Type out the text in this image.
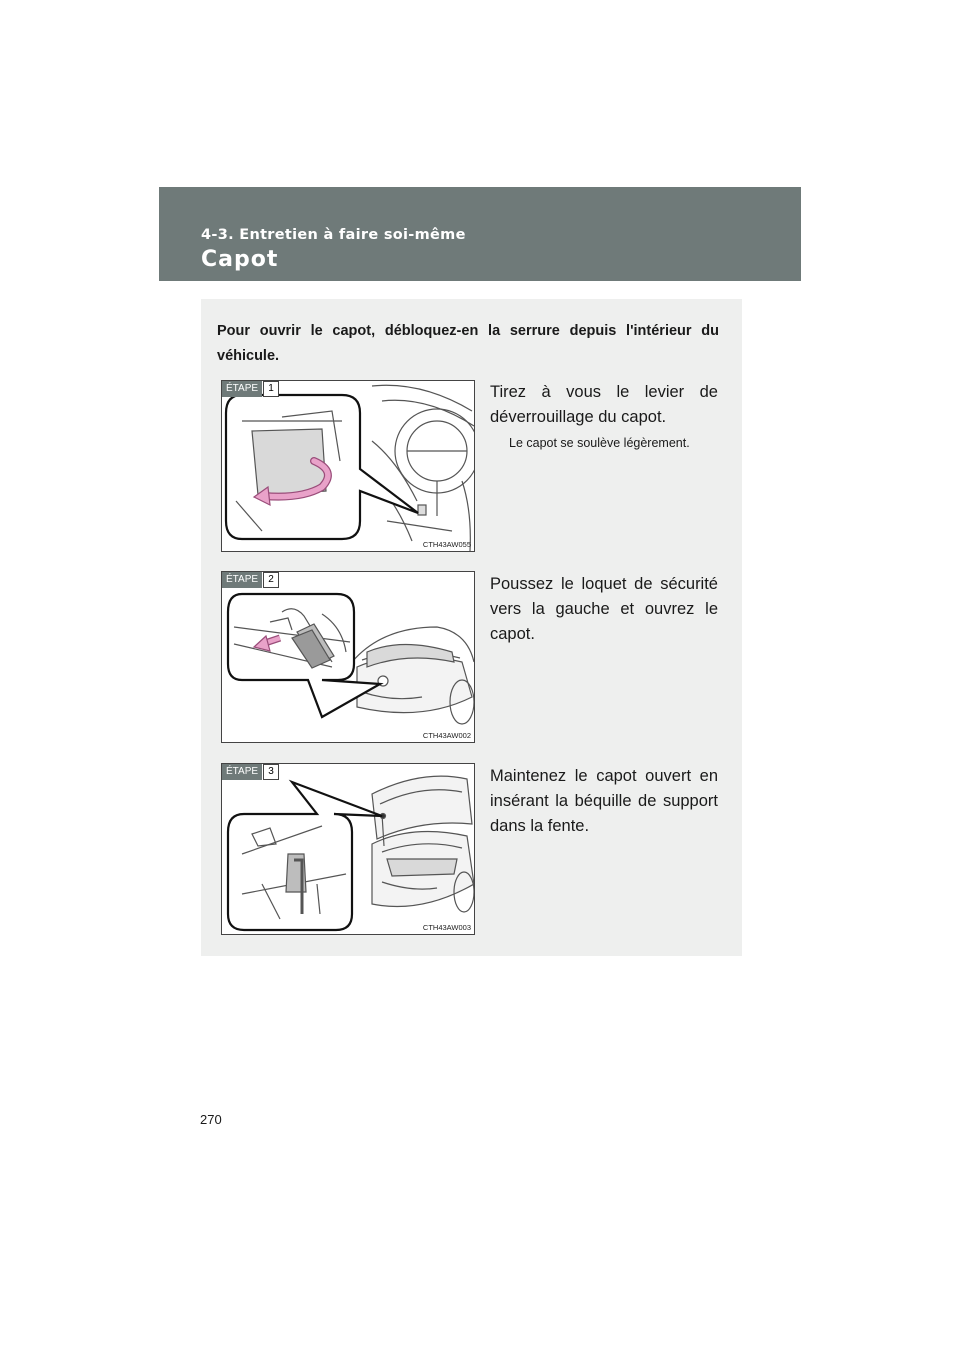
4-3. Entretien à faire soi-même
Capot

Pour ouvrir le capot, débloquez-en la serrure depuis l'intérieur du véhicule.

ÉTAPE	1
CTH43AW055

Tirez à vous le levier de déverrouillage du capot.

Le capot se soulève légèrement.

ÉTAPE	2
CTH43AW002

Poussez le loquet de sécurité vers la gauche et ouvrez le capot.

ÉTAPE	3
CTH43AW003

Maintenez le capot ouvert en insérant la béquille de support dans la fente.

270
